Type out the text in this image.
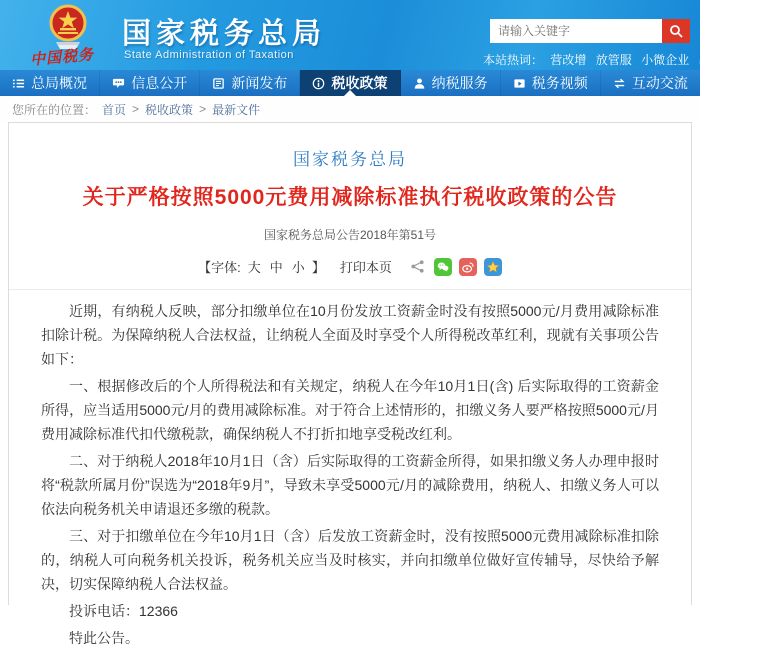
中国税务
国家税务总局
State Administration of Taxation
请输入关键字	本站热词： 营改增 放管服 小微企业 出口退税 便
总局概况	信息公开	新闻发布	税收政策	纳税服务	税务视频	互动交流
您所在的位置： 首页 > 税收政策 > 最新文件
国家税务总局
关于严格按照5000元费用减除标准执行税收政策的公告
国家税务总局公告2018年第51号
【字体: 大 中 小 】 打印本页

近期，有纳税人反映，部分扣缴单位在10月份发放工资薪金时没有按照5000元/月费用减除标准扣除计税。为保障纳税人合法权益，让纳税人全面及时享受个人所得税改革红利，现就有关事项公告如下：

一、根据修改后的个人所得税法和有关规定，纳税人在今年10月1日(含) 后实际取得的工资薪金所得，应当适用5000元/月的费用减除标准。对于符合上述情形的，扣缴义务人要严格按照5000元/月费用减除标准代扣代缴税款，确保纳税人不打折扣地享受税改红利。

二、对于纳税人2018年10月1日（含）后实际取得的工资薪金所得，如果扣缴义务人办理申报时将“税款所属月份”误选为“2018年9月”，导致未享受5000元/月的减除费用，纳税人、扣缴义务人可以依法向税务机关申请退还多缴的税款。

三、对于扣缴单位在今年10月1日（含）后发放工资薪金时，没有按照5000元费用减除标准扣除的，纳税人可向税务机关投诉，税务机关应当及时核实，并向扣缴单位做好宣传辅导，尽快给予解决，切实保障纳税人合法权益。

投诉电话：12366

特此公告。
